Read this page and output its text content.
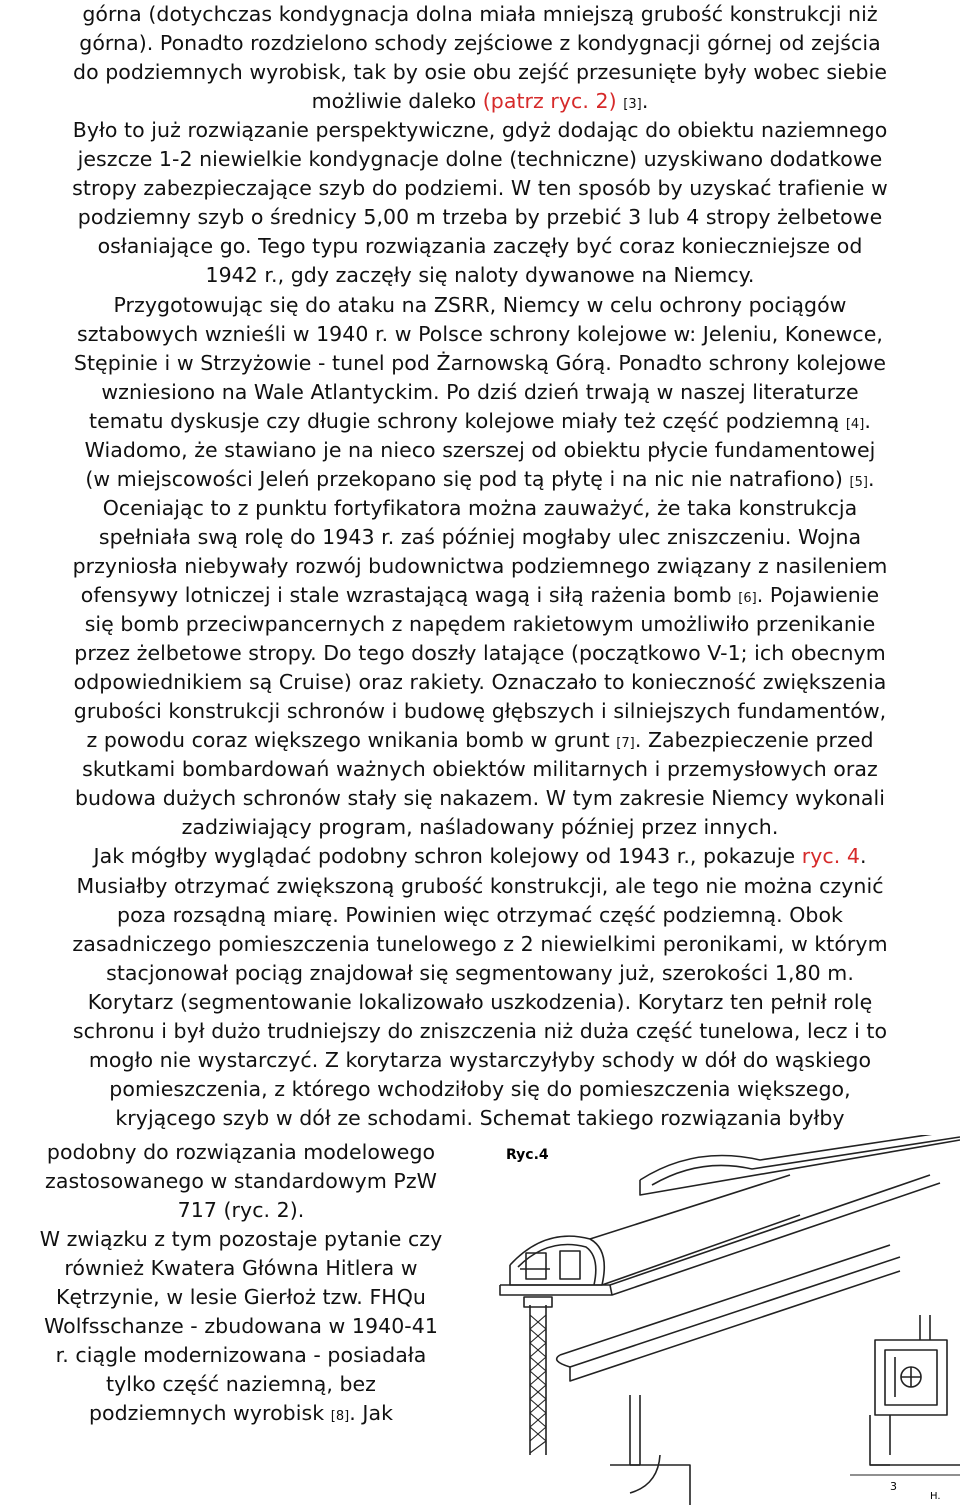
górna (dotychczas kondygnacja dolna miała mniejszą grubość konstrukcji niż
górna). Ponadto rozdzielono schody zejściowe z kondygnacji górnej od zejścia
do podziemnych wyrobisk, tak by osie obu zejść przesunięte były wobec siebie
możliwie daleko (patrz ryc. 2) [3].
Było to już rozwiązanie perspektywiczne, gdyż dodając do obiektu naziemnego
jeszcze 1-2 niewielkie kondygnacje dolne (techniczne) uzyskiwano dodatkowe
stropy zabezpieczające szyb do podziemi. W ten sposób by uzyskać trafienie w
podziemny szyb o średnicy 5,00 m trzeba by przebić 3 lub 4 stropy żelbetowe
osłaniające go. Tego typu rozwiązania zaczęły być coraz konieczniejsze od
1942 r., gdy zaczęły się naloty dywanowe na Niemcy.
Przygotowując się do ataku na ZSRR, Niemcy w celu ochrony pociągów
sztabowych wznieśli w 1940 r. w Polsce schrony kolejowe w: Jeleniu, Konewce,
Stępinie i w Strzyżowie - tunel pod Żarnowską Górą. Ponadto schrony kolejowe
wzniesiono na Wale Atlantyckim. Po dziś dzień trwają w naszej literaturze
tematu dyskusje czy długie schrony kolejowe miały też część podziemną [4].
Wiadomo, że stawiano je na nieco szerszej od obiektu płycie fundamentowej
(w miejscowości Jeleń przekopano się pod tą płytę i na nic nie natrafiono) [5].
Oceniając to z punktu fortyfikatora można zauważyć, że taka konstrukcja
spełniała swą rolę do 1943 r. zaś później mogłaby ulec zniszczeniu. Wojna
przyniosła niebywały rozwój budownictwa podziemnego związany z nasileniem
ofensywy lotniczej i stale wzrastającą wagą i siłą rażenia bomb [6]. Pojawienie
się bomb przeciwpancernych z napędem rakietowym umożliwiło przenikanie
przez żelbetowe stropy. Do tego doszły latające (początkowo V-1; ich obecnym
odpowiednikiem są Cruise) oraz rakiety. Oznaczało to konieczność zwiększenia
grubości konstrukcji schronów i budowę głębszych i silniejszych fundamentów,
z powodu coraz większego wnikania bomb w grunt [7]. Zabezpieczenie przed
skutkami bombardowań ważnych obiektów militarnych i przemysłowych oraz
budowa dużych schronów stały się nakazem. W tym zakresie Niemcy wykonali
zadziwiający program, naśladowany później przez innych.
Jak mógłby wyglądać podobny schron kolejowy od 1943 r., pokazuje ryc. 4.
Musiałby otrzymać zwiększoną grubość konstrukcji, ale tego nie można czynić
poza rozsądną miarę. Powinien więc otrzymać część podziemną. Obok
zasadniczego pomieszczenia tunelowego z 2 niewielkimi peronikami, w którym
stacjonował pociąg znajdował się segmentowany już, szerokości 1,80 m.
Korytarz (segmentowanie lokalizowało uszkodzenia). Korytarz ten pełnił rolę
schronu i był dużo trudniejszy do zniszczenia niż duża część tunelowa, lecz i to
mogło nie wystarczyć. Z korytarza wystarczyłyby schody w dół do wąskiego
pomieszczenia, z którego wchodziłoby się do pomieszczenia większego,
kryjącego szyb w dół ze schodami. Schemat takiego rozwiązania byłby
podobny do rozwiązania modelowego
zastosowanego w standardowym PzW
717 (ryc. 2).
W związku z tym pozostaje pytanie czy
również Kwatera Główna Hitlera w
Kętrzynie, w lesie Gierłoż tzw. FHQu
Wolfsschanze - zbudowana w 1940-41
r. ciągle modernizowana - posiadała
tylko część naziemną, bez
podziemnych wyrobisk [8]. Jak
Ryc.4
3
H.
